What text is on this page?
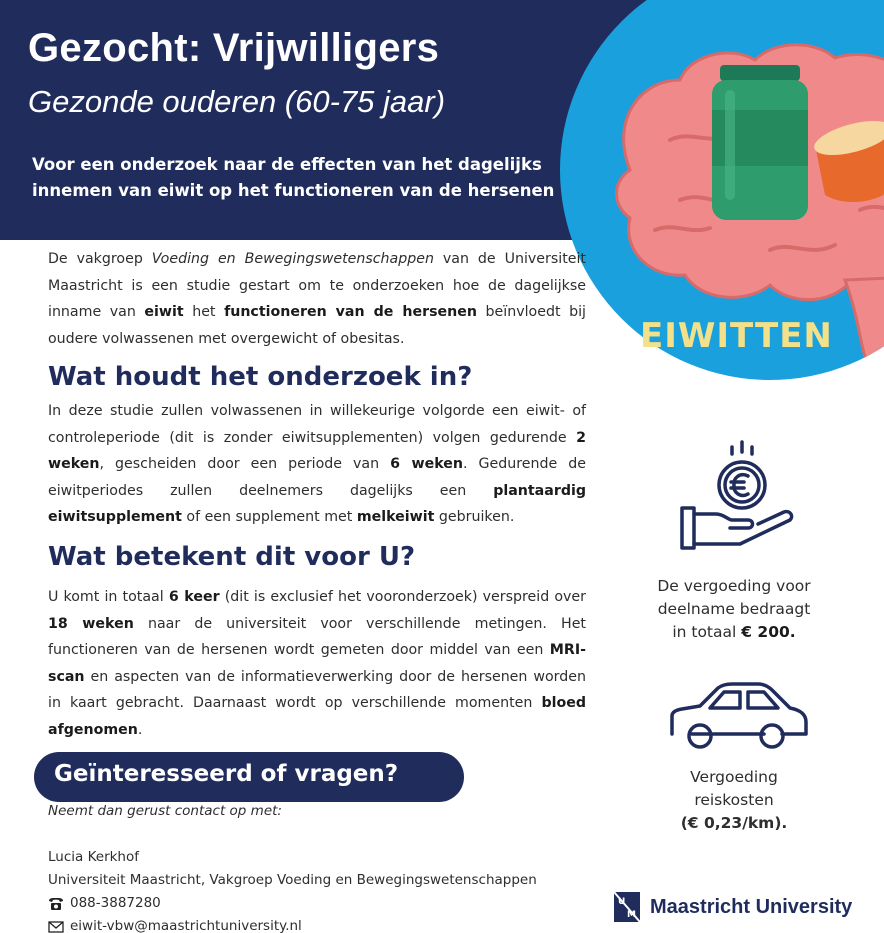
Gezocht: Vrijwilligers
Gezonde ouderen (60-75 jaar)
Voor een onderzoek naar de effecten van het dagelijks
innemen van eiwit op het functioneren van de hersenen
EIWITTEN
De vakgroep Voeding en Bewegingswetenschappen van de Universiteit Maastricht is een studie gestart om te onderzoeken hoe de dagelijkse inname van eiwit het functioneren van de hersenen beïnvloedt bij oudere volwassenen met overgewicht of obesitas.
Wat houdt het onderzoek in?
In deze studie zullen volwassenen in willekeurige volgorde een eiwit- of controleperiode (dit is zonder eiwitsupplementen) volgen gedurende 2 weken, gescheiden door een periode van 6 weken. Gedurende de eiwitperiodes zullen deelnemers dagelijks een plantaardig eiwitsupplement of een supplement met melkeiwit gebruiken.
Wat betekent dit voor U?
U komt in totaal 6 keer (dit is exclusief het vooronderzoek) verspreid over 18 weken naar de universiteit voor verschillende metingen. Het functioneren van de hersenen wordt gemeten door middel van een MRI-scan en aspecten van de informatieverwerking door de hersenen worden in kaart gebracht. Daarnaast wordt op verschillende momenten bloed afgenomen.
Geïnteresseerd of vragen?
Neemt dan gerust contact op met:
Lucia Kerkhof
Universiteit Maastricht, Vakgroep Voeding en Bewegingswetenschappen
088-3887280
eiwit-vbw@maastrichtuniversity.nl
De vergoeding voor
deelname bedraagt
in totaal € 200.
Vergoeding
reiskosten
(€ 0,23/km).
U
M Maastricht University
